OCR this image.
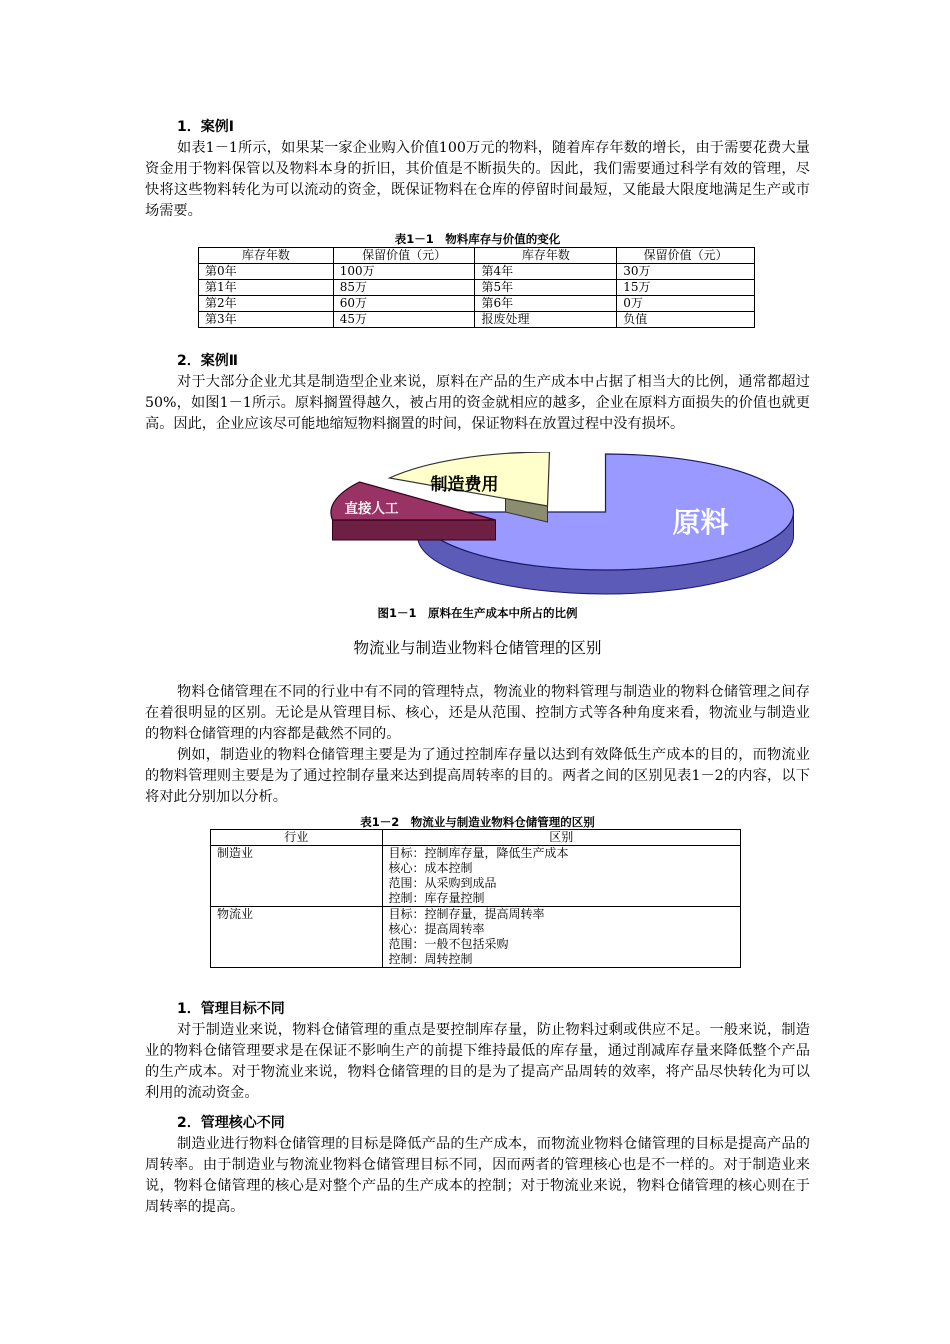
1．案例Ⅰ

如表1－1所示，如果某一家企业购入价值100万元的物料，随着库存年数的增长，由于需要花费大量资金用于物料保管以及物料本身的折旧，其价值是不断损失的。因此，我们需要通过科学有效的管理，尽快将这些物料转化为可以流动的资金，既保证物料在仓库的停留时间最短，又能最大限度地满足生产或市场需要。

表1－1　物料库存与价值的变化
库存年数	保留价值（元）	库存年数	保留价值（元）
第0年	100万	第4年	30万
第1年	85万	第5年	15万
第2年	60万	第6年	0万
第3年	45万	报废处理	负值
2．案例Ⅱ

对于大部分企业尤其是制造型企业来说，原料在产品的生产成本中占据了相当大的比例，通常都超过50%，如图1－1所示。原料搁置得越久，被占用的资金就相应的越多，企业在原料方面损失的价值也就更高。因此，企业应该尽可能地缩短物料搁置的时间，保证物料在放置过程中没有损坏。

原料
直接人工
制造费用
图1－1　原料在生产成本中所占的比例
物流业与制造业物料仓储管理的区别

物料仓储管理在不同的行业中有不同的管理特点，物流业的物料管理与制造业的物料仓储管理之间存在着很明显的区别。无论是从管理目标、核心，还是从范围、控制方式等各种角度来看，物流业与制造业的物料仓储管理的内容都是截然不同的。

例如，制造业的物料仓储管理主要是为了通过控制库存量以达到有效降低生产成本的目的，而物流业的物料管理则主要是为了通过控制存量来达到提高周转率的目的。两者之间的区别见表1－2的内容，以下将对此分别加以分析。

表1－2　物流业与制造业物料仓储管理的区别
行业	区别
制造业	目标：控制库存量，降低生产成本
核心：成本控制
范围：从采购到成品
控制：库存量控制

物流业	目标：控制存量，提高周转率
核心：提高周转率
范围：一般不包括采购
控制：周转控制
1．管理目标不同

对于制造业来说，物料仓储管理的重点是要控制库存量，防止物料过剩或供应不足。一般来说，制造业的物料仓储管理要求是在保证不影响生产的前提下维持最低的库存量，通过削减库存量来降低整个产品的生产成本。对于物流业来说，物料仓储管理的目的是为了提高产品周转的效率，将产品尽快转化为可以利用的流动资金。

2．管理核心不同

制造业进行物料仓储管理的目标是降低产品的生产成本，而物流业物料仓储管理的目标是提高产品的周转率。由于制造业与物流业物料仓储管理目标不同，因而两者的管理核心也是不一样的。对于制造业来说，物料仓储管理的核心是对整个产品的生产成本的控制；对于物流业来说，物料仓储管理的核心则在于周转率的提高。
